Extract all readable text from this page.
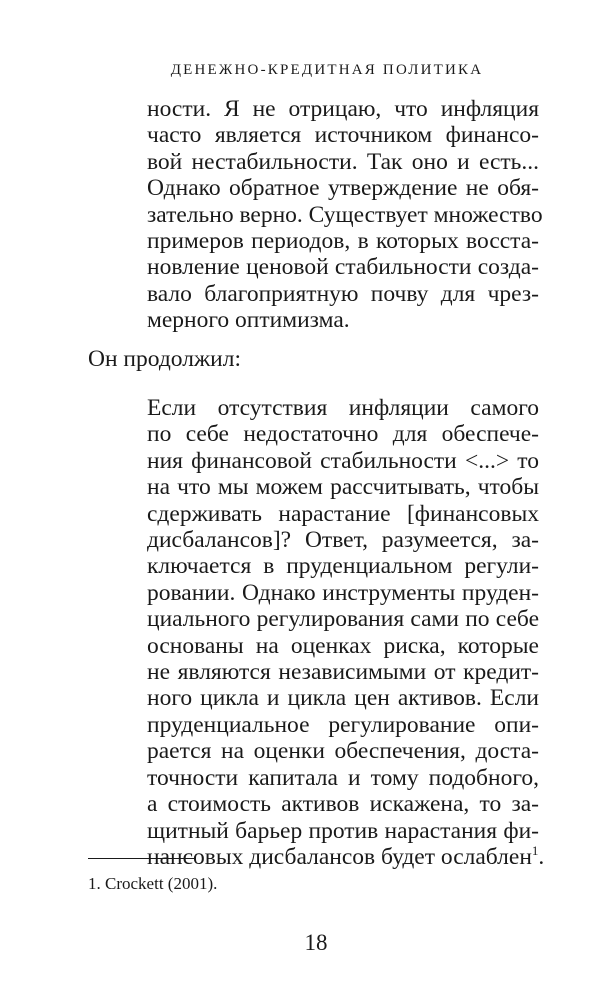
ДЕНЕЖНО-КРЕДИТНАЯ ПОЛИТИКА
ности. Я не отрицаю, что инфляция
часто является источником финансо-
вой нестабильности. Так оно и есть...
Однако обратное утверждение не обя-
зательно верно. Существует множество
примеров периодов, в которых восста-
новление ценовой стабильности созда-
вало благоприятную почву для чрез-
мерного оптимизма.
Он продолжил:
Если отсутствия инфляции самого
по себе недостаточно для обеспече-
ния финансовой стабильности <...> то
на что мы можем рассчитывать, чтобы
сдерживать нарастание [финансовых
дисбалансов]? Ответ, разумеется, за-
ключается в пруденциальном регули-
ровании. Однако инструменты пруден-
циального регулирования сами по себе
основаны на оценках риска, которые
не являются независимыми от кредит-
ного цикла и цикла цен активов. Если
пруденциальное регулирование опи-
рается на оценки обеспечения, доста-
точности капитала и тому подобного,
а стоимость активов искажена, то за-
щитный барьер против нарастания фи-
нансовых дисбалансов будет ослаблен$^1$.
1. Crockett (2001).
18
